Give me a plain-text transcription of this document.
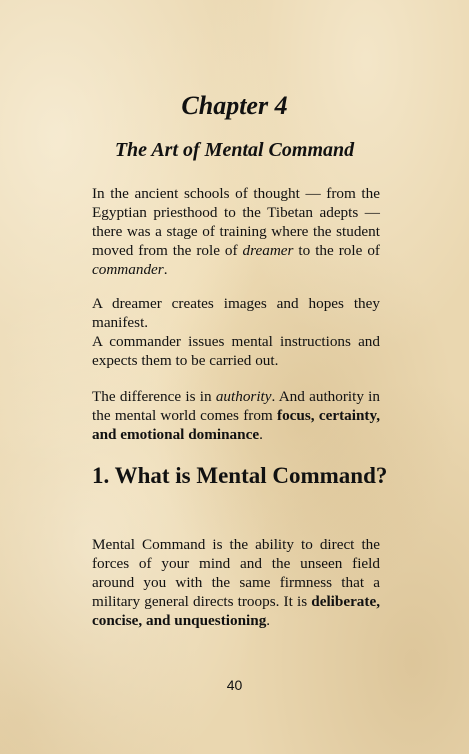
Chapter 4
The Art of Mental Command

In the ancient schools of thought — from the Egyptian priesthood to the Tibetan adepts — there was a stage of training where the student moved from the role of dreamer to the role of commander.

A dreamer creates images and hopes they manifest.
A commander issues mental instructions and expects them to be carried out.

The difference is in authority. And authority in the mental world comes from focus, certainty, and emotional dominance.

1. What is Mental Command?

Mental Command is the ability to direct the forces of your mind and the unseen field around you with the same firmness that a military general directs troops. It is deliberate, concise, and unquestioning.

40
